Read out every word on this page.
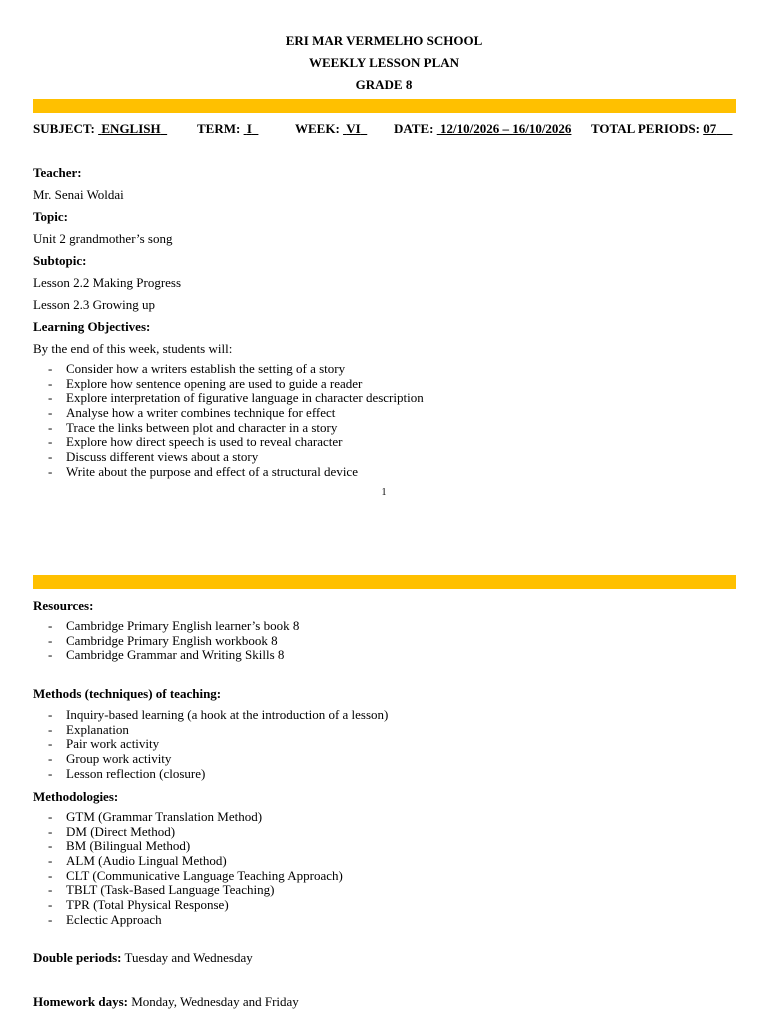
ERI MAR VERMELHO SCHOOL
WEEKLY LESSON PLAN
GRADE 8
SUBJECT: ENGLISH	TERM: I	WEEK: VI	DATE: 12/10/2026 – 16/10/2026 TOTAL PERIODS: 07
Teacher:
Mr. Senai Woldai
Topic:
Unit 2 grandmother’s song
Subtopic:
Lesson 2.2 Making Progress
Lesson 2.3 Growing up
Learning Objectives:
By the end of this week, students will:
- Consider how a writers establish the setting of a story
- Explore how sentence opening are used to guide a reader
- Explore interpretation of figurative language in character description
- Analyse how a writer combines technique for effect
- Trace the links between plot and character in a story
- Explore how direct speech is used to reveal character
- Discuss different views about a story
- Write about the purpose and effect of a structural device
1
Resources:
- Cambridge Primary English learner’s book 8
- Cambridge Primary English workbook 8
- Cambridge Grammar and Writing Skills 8
Methods (techniques) of teaching:
- Inquiry-based learning (a hook at the introduction of a lesson)
- Explanation
- Pair work activity
- Group work activity
- Lesson reflection (closure)
Methodologies:
- GTM (Grammar Translation Method)
- DM (Direct Method)
- BM (Bilingual Method)
- ALM (Audio Lingual Method)
- CLT (Communicative Language Teaching Approach)
- TBLT (Task-Based Language Teaching)
- TPR (Total Physical Response)
- Eclectic Approach
Double periods: Tuesday and Wednesday
Homework days: Monday, Wednesday and Friday
